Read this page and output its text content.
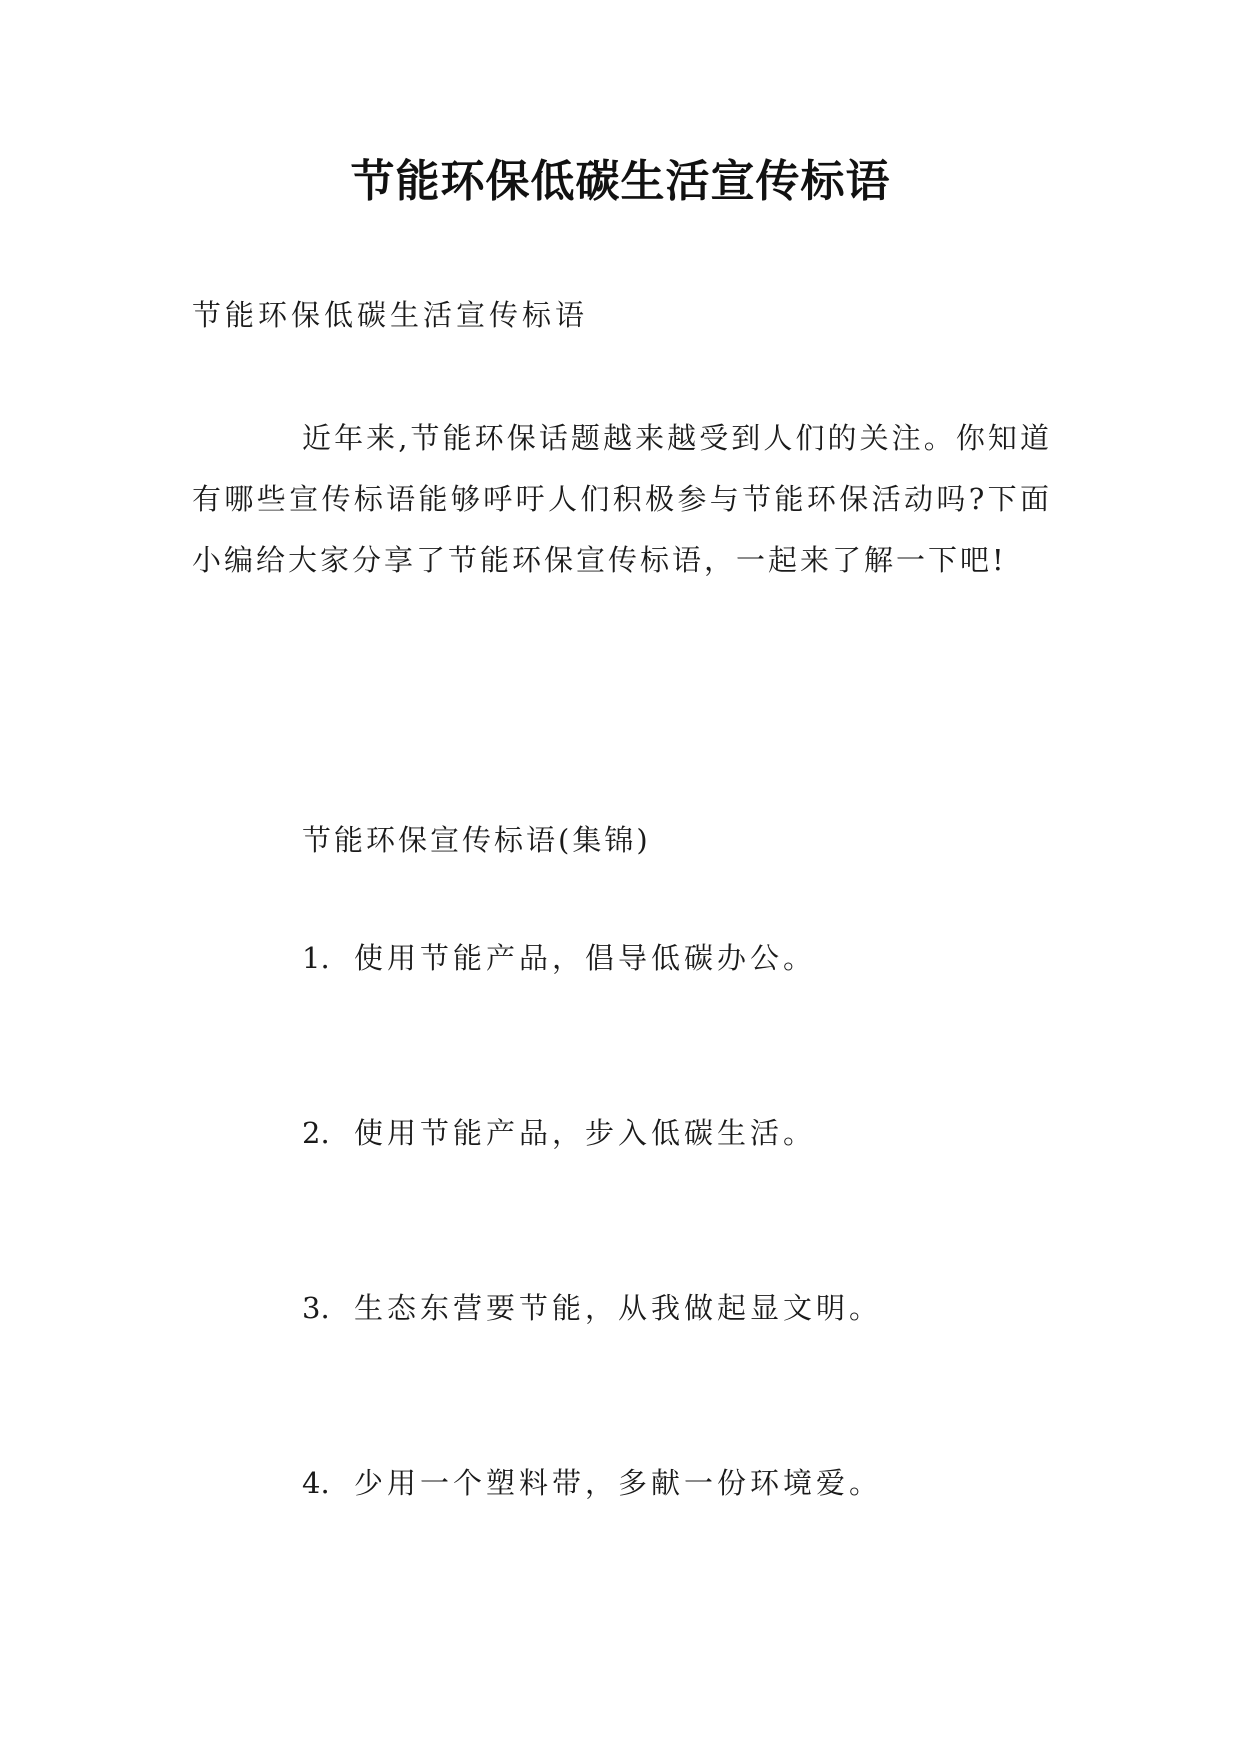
节能环保低碳生活宣传标语
节能环保低碳生活宣传标语

近年来,节能环保话题越来越受到人们的关注。你知道有哪些宣传标语能够呼吁人们积极参与节能环保活动吗?下面小编给大家分享了节能环保宣传标语，一起来了解一下吧!

节能环保宣传标语(集锦)
1. 使用节能产品，倡导低碳办公。
2. 使用节能产品，步入低碳生活。
3. 生态东营要节能，从我做起显文明。
4. 少用一个塑料带，多献一份环境爱。
